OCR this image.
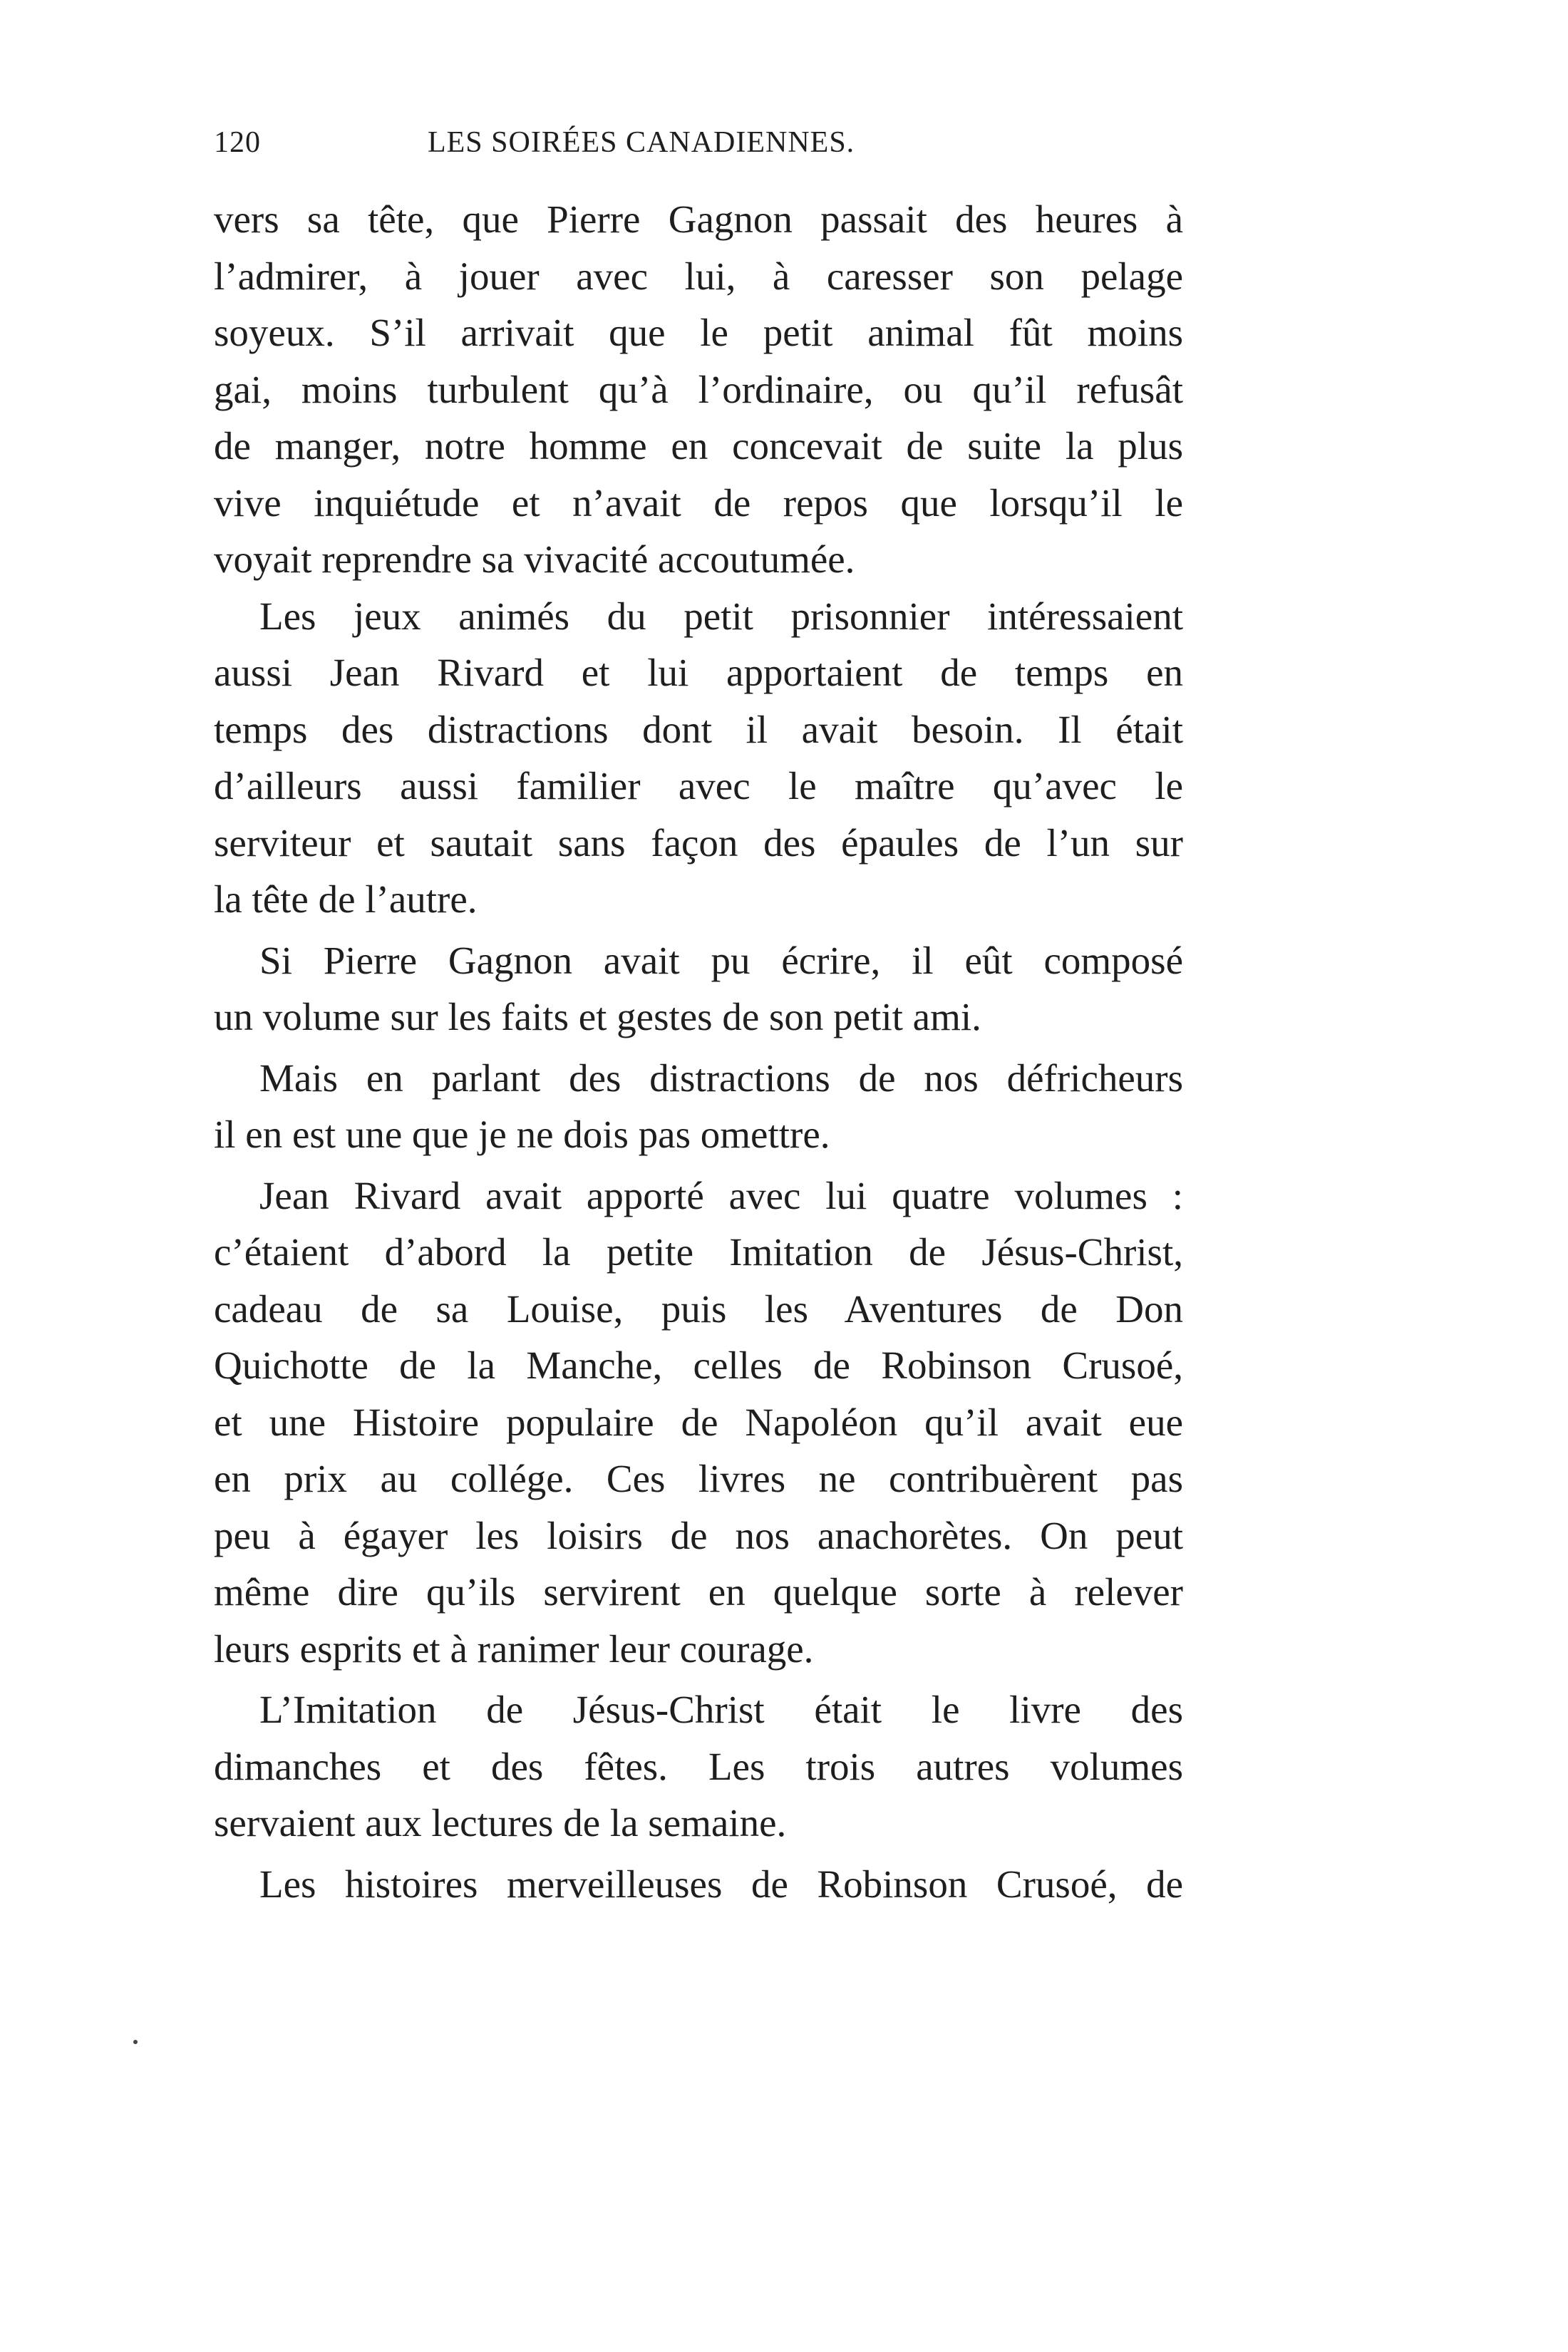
120	LES SOIRÉES CANADIENNES.
vers sa tête, que Pierre Gagnon passait des heures à
l’admirer, à jouer avec lui, à caresser son pelage
soyeux. S’il arrivait que le petit animal fût moins
gai, moins turbulent qu’à l’ordinaire, ou qu’il refusât
de manger, notre homme en concevait de suite la plus
vive inquiétude et n’avait de repos que lorsqu’il le
voyait reprendre sa vivacité accoutumée.
Les jeux animés du petit prisonnier intéressaient
aussi Jean Rivard et lui apportaient de temps en
temps des distractions dont il avait besoin. Il était
d’ailleurs aussi familier avec le maître qu’avec le
serviteur et sautait sans façon des épaules de l’un sur
la tête de l’autre.
Si Pierre Gagnon avait pu écrire, il eût composé
un volume sur les faits et gestes de son petit ami.
Mais en parlant des distractions de nos défricheurs
il en est une que je ne dois pas omettre.
Jean Rivard avait apporté avec lui quatre volumes :
c’étaient d’abord la petite Imitation de Jésus-Christ,
cadeau de sa Louise, puis les Aventures de Don
Quichotte de la Manche, celles de Robinson Crusoé,
et une Histoire populaire de Napoléon qu’il avait eue
en prix au collége. Ces livres ne contribuèrent pas
peu à égayer les loisirs de nos anachorètes. On peut
même dire qu’ils servirent en quelque sorte à relever
leurs esprits et à ranimer leur courage.
L’Imitation de Jésus-Christ était le livre des
dimanches et des fêtes. Les trois autres volumes
servaient aux lectures de la semaine.
Les histoires merveilleuses de Robinson Crusoé, de
